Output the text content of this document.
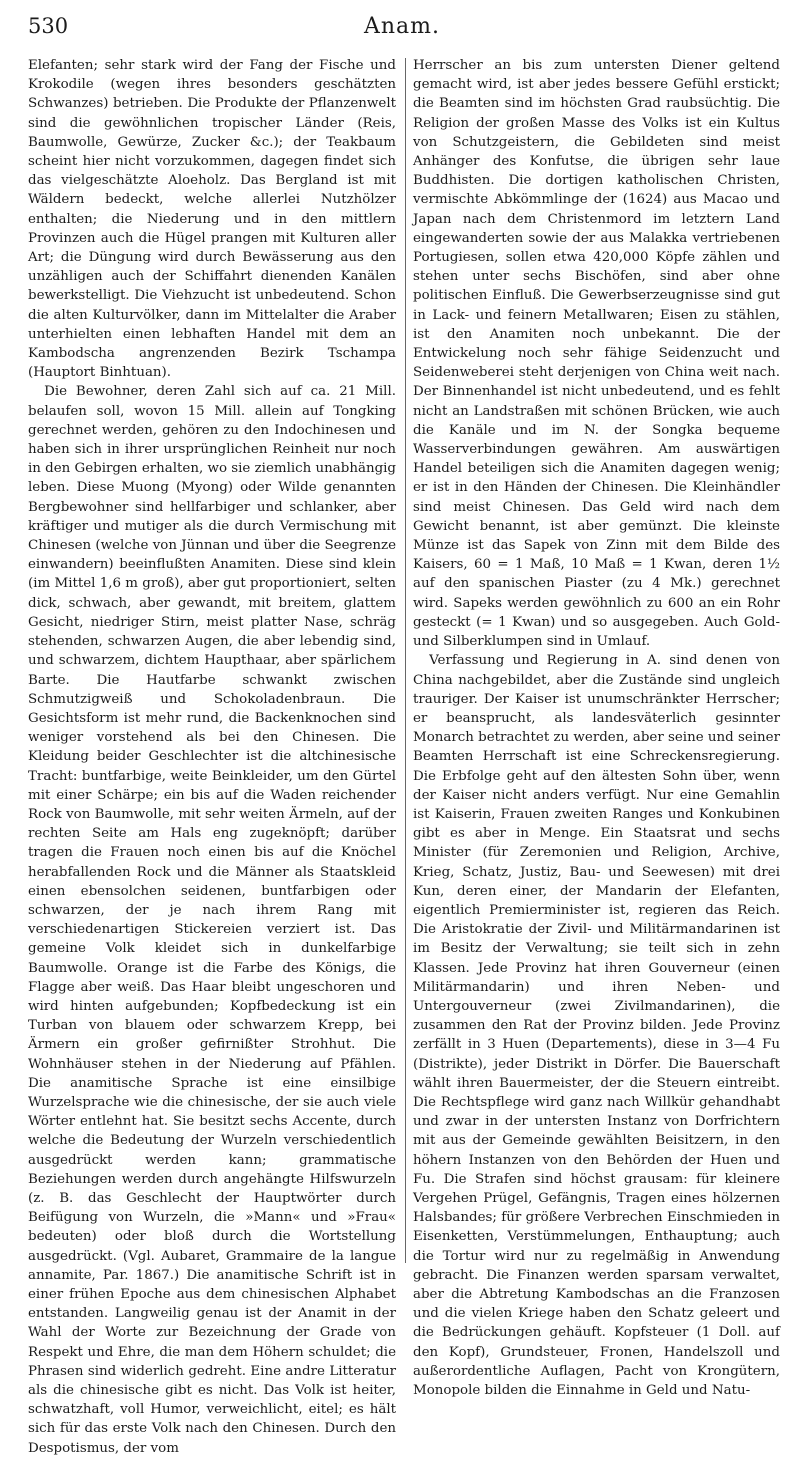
530	Anam.

Elefanten; sehr stark wird der Fang der Fische und Krokodile (wegen ihres besonders geschätzten Schwanzes) betrieben. Die Produkte der Pflanzenwelt sind die gewöhnlichen tropischer Länder (Reis, Baumwolle, Gewürze, Zucker &c.); der Teakbaum scheint hier nicht vorzukommen, dagegen findet sich das vielgeschätzte Aloeholz. Das Bergland ist mit Wäldern bedeckt, welche allerlei Nutzhölzer enthalten; die Niederung und in den mittlern Provinzen auch die Hügel prangen mit Kulturen aller Art; die Düngung wird durch Bewässerung aus den unzähligen auch der Schiffahrt dienenden Kanälen bewerkstelligt. Die Viehzucht ist unbedeutend. Schon die alten Kulturvölker, dann im Mittelalter die Araber unterhielten einen lebhaften Handel mit dem an Kambodscha angrenzenden Bezirk Tschampa (Hauptort Binhtuan).

Die Bewohner, deren Zahl sich auf ca. 21 Mill. belaufen soll, wovon 15 Mill. allein auf Tongking gerechnet werden, gehören zu den Indochinesen und haben sich in ihrer ursprünglichen Reinheit nur noch in den Gebirgen erhalten, wo sie ziemlich unabhängig leben. Diese Muong (Myong) oder Wilde genannten Bergbewohner sind hellfarbiger und schlanker, aber kräftiger und mutiger als die durch Vermischung mit Chinesen (welche von Jünnan und über die Seegrenze einwandern) beeinflußten Anamiten. Diese sind klein (im Mittel 1,6 m groß), aber gut proportioniert, selten dick, schwach, aber gewandt, mit breitem, glattem Gesicht, niedriger Stirn, meist platter Nase, schräg stehenden, schwarzen Augen, die aber lebendig sind, und schwarzem, dichtem Haupthaar, aber spärlichem Barte. Die Hautfarbe schwankt zwischen Schmutzigweiß und Schokoladenbraun. Die Gesichtsform ist mehr rund, die Backenknochen sind weniger vorstehend als bei den Chinesen. Die Kleidung beider Geschlechter ist die altchinesische Tracht: buntfarbige, weite Beinkleider, um den Gürtel mit einer Schärpe; ein bis auf die Waden reichender Rock von Baumwolle, mit sehr weiten Ärmeln, auf der rechten Seite am Hals eng zugeknöpft; darüber tragen die Frauen noch einen bis auf die Knöchel herabfallenden Rock und die Männer als Staatskleid einen ebensolchen seidenen, buntfarbigen oder schwarzen, der je nach ihrem Rang mit verschiedenartigen Stickereien verziert ist. Das gemeine Volk kleidet sich in dunkelfarbige Baumwolle. Orange ist die Farbe des Königs, die Flagge aber weiß. Das Haar bleibt ungeschoren und wird hinten aufgebunden; Kopfbedeckung ist ein Turban von blauem oder schwarzem Krepp, bei Ärmern ein großer gefirnißter Strohhut. Die Wohnhäuser stehen in der Niederung auf Pfählen. Die anamitische Sprache ist eine einsilbige Wurzelsprache wie die chinesische, der sie auch viele Wörter entlehnt hat. Sie besitzt sechs Accente, durch welche die Bedeutung der Wurzeln verschiedentlich ausgedrückt werden kann; grammatische Beziehungen werden durch angehängte Hilfswurzeln (z. B. das Geschlecht der Hauptwörter durch Beifügung von Wurzeln, die »Mann« und »Frau« bedeuten) oder bloß durch die Wortstellung ausgedrückt. (Vgl. Aubaret, Grammaire de la langue annamite, Par. 1867.) Die anamitische Schrift ist in einer frühen Epoche aus dem chinesischen Alphabet entstanden. Langweilig genau ist der Anamit in der Wahl der Worte zur Bezeichnung der Grade von Respekt und Ehre, die man dem Höhern schuldet; die Phrasen sind widerlich gedreht. Eine andre Litteratur als die chinesische gibt es nicht. Das Volk ist heiter, schwatzhaft, voll Humor, verweichlicht, eitel; es hält sich für das erste Volk nach den Chinesen. Durch den Despotismus, der vom

Herrscher an bis zum untersten Diener geltend gemacht wird, ist aber jedes bessere Gefühl erstickt; die Beamten sind im höchsten Grad raubsüchtig. Die Religion der großen Masse des Volks ist ein Kultus von Schutzgeistern, die Gebildeten sind meist Anhänger des Konfutse, die übrigen sehr laue Buddhisten. Die dortigen katholischen Christen, vermischte Abkömmlinge der (1624) aus Macao und Japan nach dem Christenmord im letztern Land eingewanderten sowie der aus Malakka vertriebenen Portugiesen, sollen etwa 420,000 Köpfe zählen und stehen unter sechs Bischöfen, sind aber ohne politischen Einfluß. Die Gewerbserzeugnisse sind gut in Lack- und feinern Metallwaren; Eisen zu stählen, ist den Anamiten noch unbekannt. Die der Entwickelung noch sehr fähige Seidenzucht und Seidenweberei steht derjenigen von China weit nach. Der Binnenhandel ist nicht unbedeutend, und es fehlt nicht an Landstraßen mit schönen Brücken, wie auch die Kanäle und im N. der Songka bequeme Wasserverbindungen gewähren. Am auswärtigen Handel beteiligen sich die Anamiten dagegen wenig; er ist in den Händen der Chinesen. Die Kleinhändler sind meist Chinesen. Das Geld wird nach dem Gewicht benannt, ist aber gemünzt. Die kleinste Münze ist das Sapek von Zinn mit dem Bilde des Kaisers, 60 = 1 Maß, 10 Maß = 1 Kwan, deren 1½ auf den spanischen Piaster (zu 4 Mk.) gerechnet wird. Sapeks werden gewöhnlich zu 600 an ein Rohr gesteckt (= 1 Kwan) und so ausgegeben. Auch Gold- und Silberklumpen sind in Umlauf.

Verfassung und Regierung in A. sind denen von China nachgebildet, aber die Zustände sind ungleich trauriger. Der Kaiser ist unumschränkter Herrscher; er beansprucht, als landesväterlich gesinnter Monarch betrachtet zu werden, aber seine und seiner Beamten Herrschaft ist eine Schreckensregierung. Die Erbfolge geht auf den ältesten Sohn über, wenn der Kaiser nicht anders verfügt. Nur eine Gemahlin ist Kaiserin, Frauen zweiten Ranges und Konkubinen gibt es aber in Menge. Ein Staatsrat und sechs Minister (für Zeremonien und Religion, Archive, Krieg, Schatz, Justiz, Bau- und Seewesen) mit drei Kun, deren einer, der Mandarin der Elefanten, eigentlich Premierminister ist, regieren das Reich. Die Aristokratie der Zivil- und Militärmandarinen ist im Besitz der Verwaltung; sie teilt sich in zehn Klassen. Jede Provinz hat ihren Gouverneur (einen Militärmandarin) und ihren Neben- und Untergouverneur (zwei Zivilmandarinen), die zusammen den Rat der Provinz bilden. Jede Provinz zerfällt in 3 Huen (Departements), diese in 3—4 Fu (Distrikte), jeder Distrikt in Dörfer. Die Bauerschaft wählt ihren Bauermeister, der die Steuern eintreibt. Die Rechtspflege wird ganz nach Willkür gehandhabt und zwar in der untersten Instanz von Dorfrichtern mit aus der Gemeinde gewählten Beisitzern, in den höhern Instanzen von den Behörden der Huen und Fu. Die Strafen sind höchst grausam: für kleinere Vergehen Prügel, Gefängnis, Tragen eines hölzernen Halsbandes; für größere Verbrechen Einschmieden in Eisenketten, Verstümmelungen, Enthauptung; auch die Tortur wird nur zu regelmäßig in Anwendung gebracht. Die Finanzen werden sparsam verwaltet, aber die Abtretung Kambodschas an die Franzosen und die vielen Kriege haben den Schatz geleert und die Bedrückungen gehäuft. Kopfsteuer (1 Doll. auf den Kopf), Grundsteuer, Fronen, Handelszoll und außerordentliche Auflagen, Pacht von Krongütern, Monopole bilden die Einnahme in Geld und Natu-
